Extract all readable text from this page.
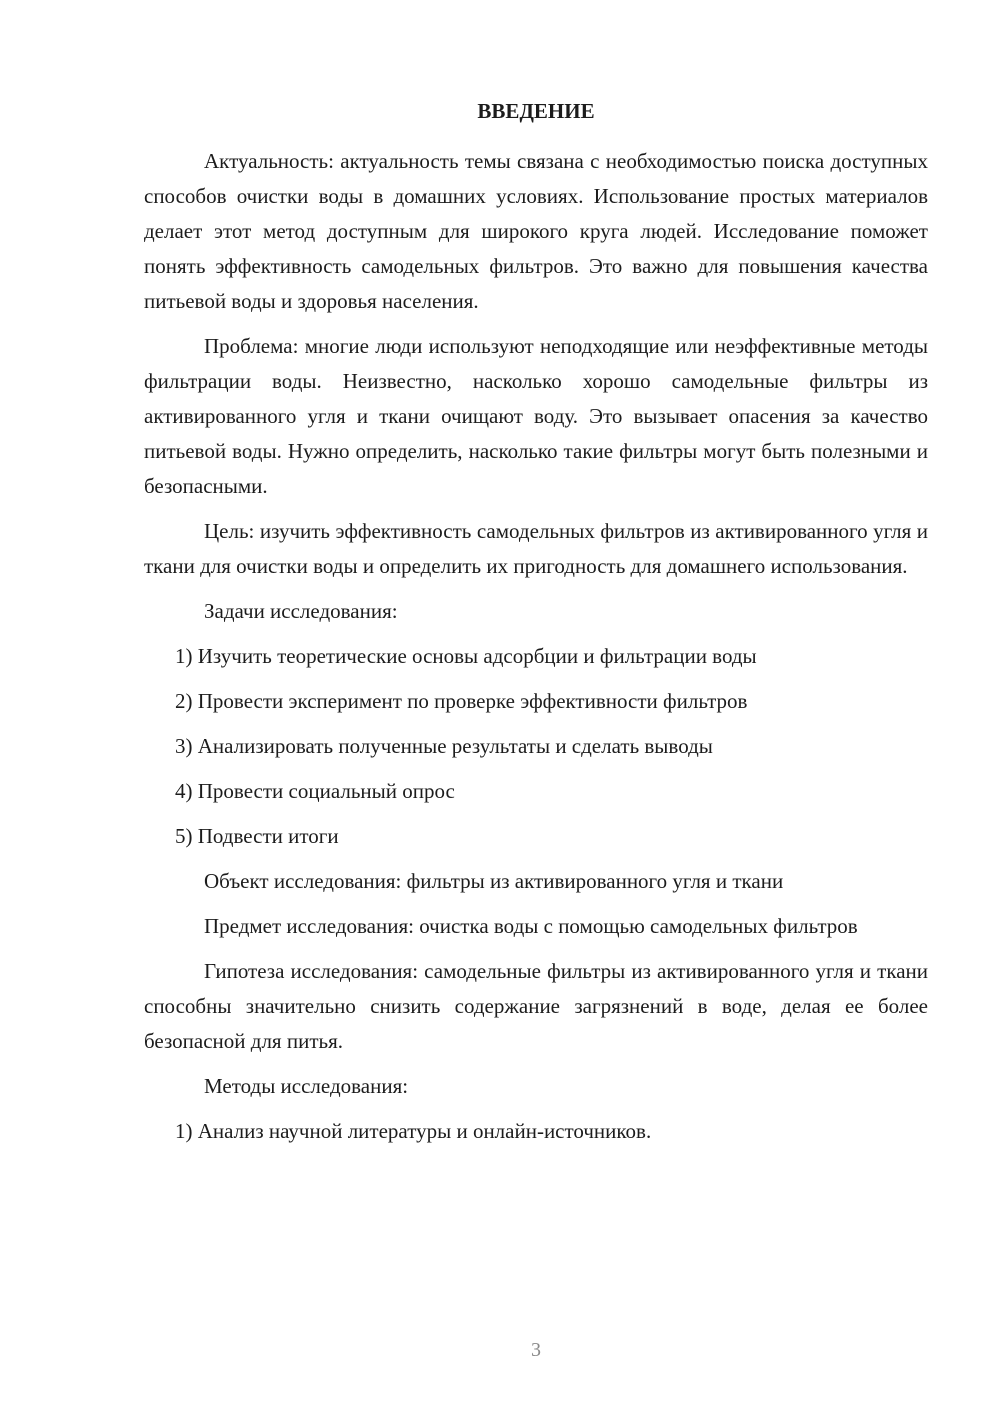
ВВЕДЕНИЕ

Актуальность: актуальность темы связана с необходимостью поиска доступных способов очистки воды в домашних условиях. Использование простых материалов делает этот метод доступным для широкого круга людей. Исследование поможет понять эффективность самодельных фильтров. Это важно для повышения качества питьевой воды и здоровья населения.

Проблема: многие люди используют неподходящие или неэффективные методы фильтрации воды. Неизвестно, насколько хорошо самодельные фильтры из активированного угля и ткани очищают воду. Это вызывает опасения за качество питьевой воды. Нужно определить, насколько такие фильтры могут быть полезными и безопасными.

Цель: изучить эффективность самодельных фильтров из активированного угля и ткани для очистки воды и определить их пригодность для домашнего использования.

Задачи исследования:

1) Изучить теоретические основы адсорбции и фильтрации воды
2) Провести эксперимент по проверке эффективности фильтров
3) Анализировать полученные результаты и сделать выводы
4) Провести социальный опрос
5) Подвести итоги

Объект исследования: фильтры из активированного угля и ткани

Предмет исследования: очистка воды с помощью самодельных фильтров

Гипотеза исследования: самодельные фильтры из активированного угля и ткани способны значительно снизить содержание загрязнений в воде, делая ее более безопасной для питья.

Методы исследования:

1) Анализ научной литературы и онлайн-источников.
3
